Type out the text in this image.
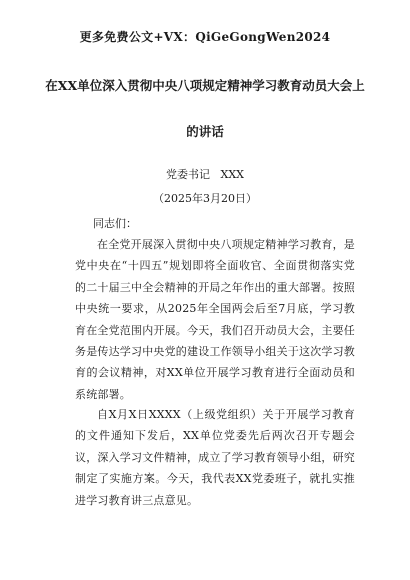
更多免费公文+VX：QiGeGongWen2024
在XX单位深入贯彻中央八项规定精神学习教育动员大会上
的讲话
党委书记   XXX
（2025年3月20日）
同志们：
在全党开展深入贯彻中央八项规定精神学习教育，是党中央在“十四五”规划即将全面收官、全面贯彻落实党的二十届三中全会精神的开局之年作出的重大部署。按照中央统一要求，从2025年全国两会后至7月底，学习教育在全党范围内开展。今天，我们召开动员大会，主要任务是传达学习中央党的建设工作领导小组关于这次学习教育的会议精神，对XX单位开展学习教育进行全面动员和系统部署。
自X月X日XXXX（上级党组织）关于开展学习教育的文件通知下发后，XX单位党委先后两次召开专题会议，深入学习文件精神，成立了学习教育领导小组，研究制定了实施方案。今天，我代表XX党委班子，就扎实推进学习教育讲三点意见。
